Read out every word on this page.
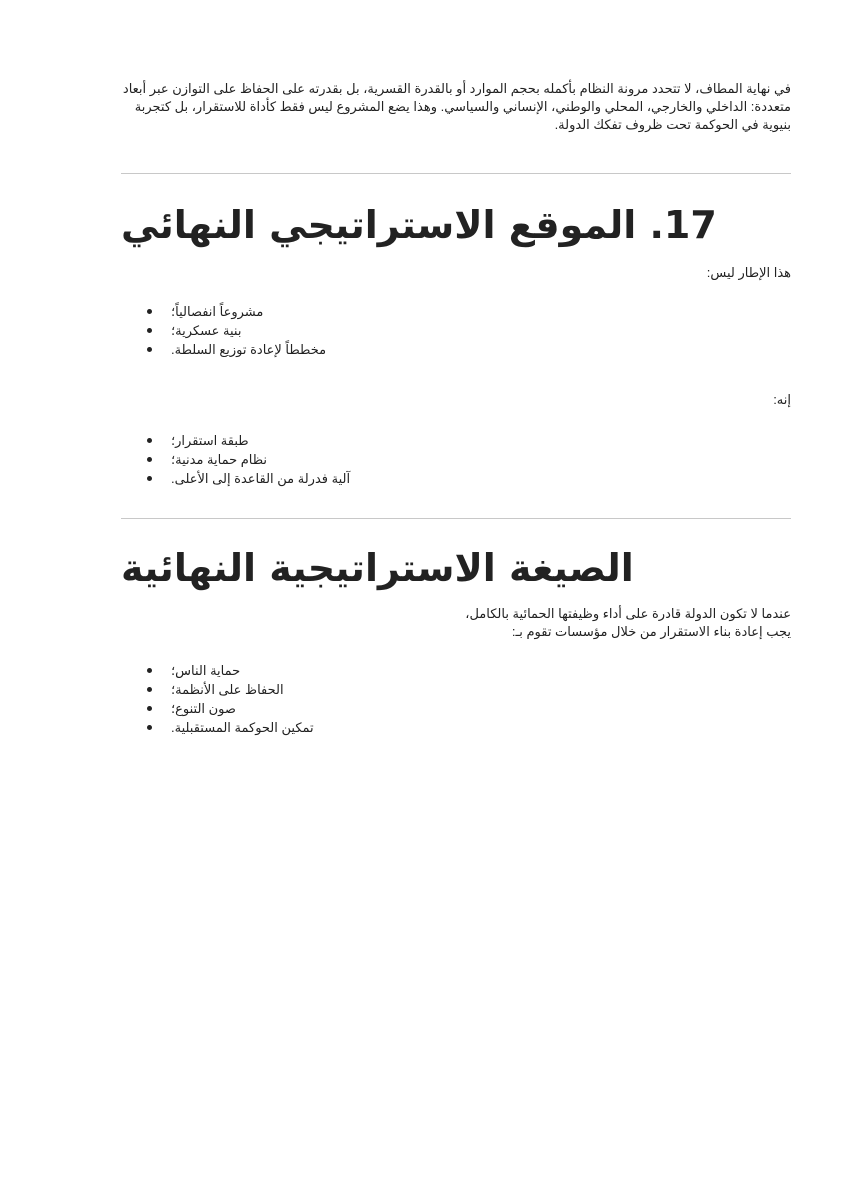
في نهاية المطاف، لا تتحدد مرونة النظام بأكمله بحجم الموارد أو بالقدرة القسرية، بل بقدرته على الحفاظ على التوازن عبر أبعاد
متعددة: الداخلي والخارجي، المحلي والوطني، الإنساني والسياسي. وهذا يضع المشروع ليس فقط كأداة للاستقرار، بل كتجربة
بنيوية في الحوكمة تحت ظروف تفكك الدولة.
17. الموقع الاستراتيجي النهائي

هذا الإطار ليس:

مشروعاً انفصالياً؛
بنية عسكرية؛
مخططاً لإعادة توزيع السلطة.

إنه:

طبقة استقرار؛
نظام حماية مدنية؛
آلية فدرلة من القاعدة إلى الأعلى.
الصيغة الاستراتيجية النهائية

عندما لا تكون الدولة قادرة على أداء وظيفتها الحمائية بالكامل،

يجب إعادة بناء الاستقرار من خلال مؤسسات تقوم بـ:

حماية الناس؛
الحفاظ على الأنظمة؛
صون التنوع؛
تمكين الحوكمة المستقبلية.
